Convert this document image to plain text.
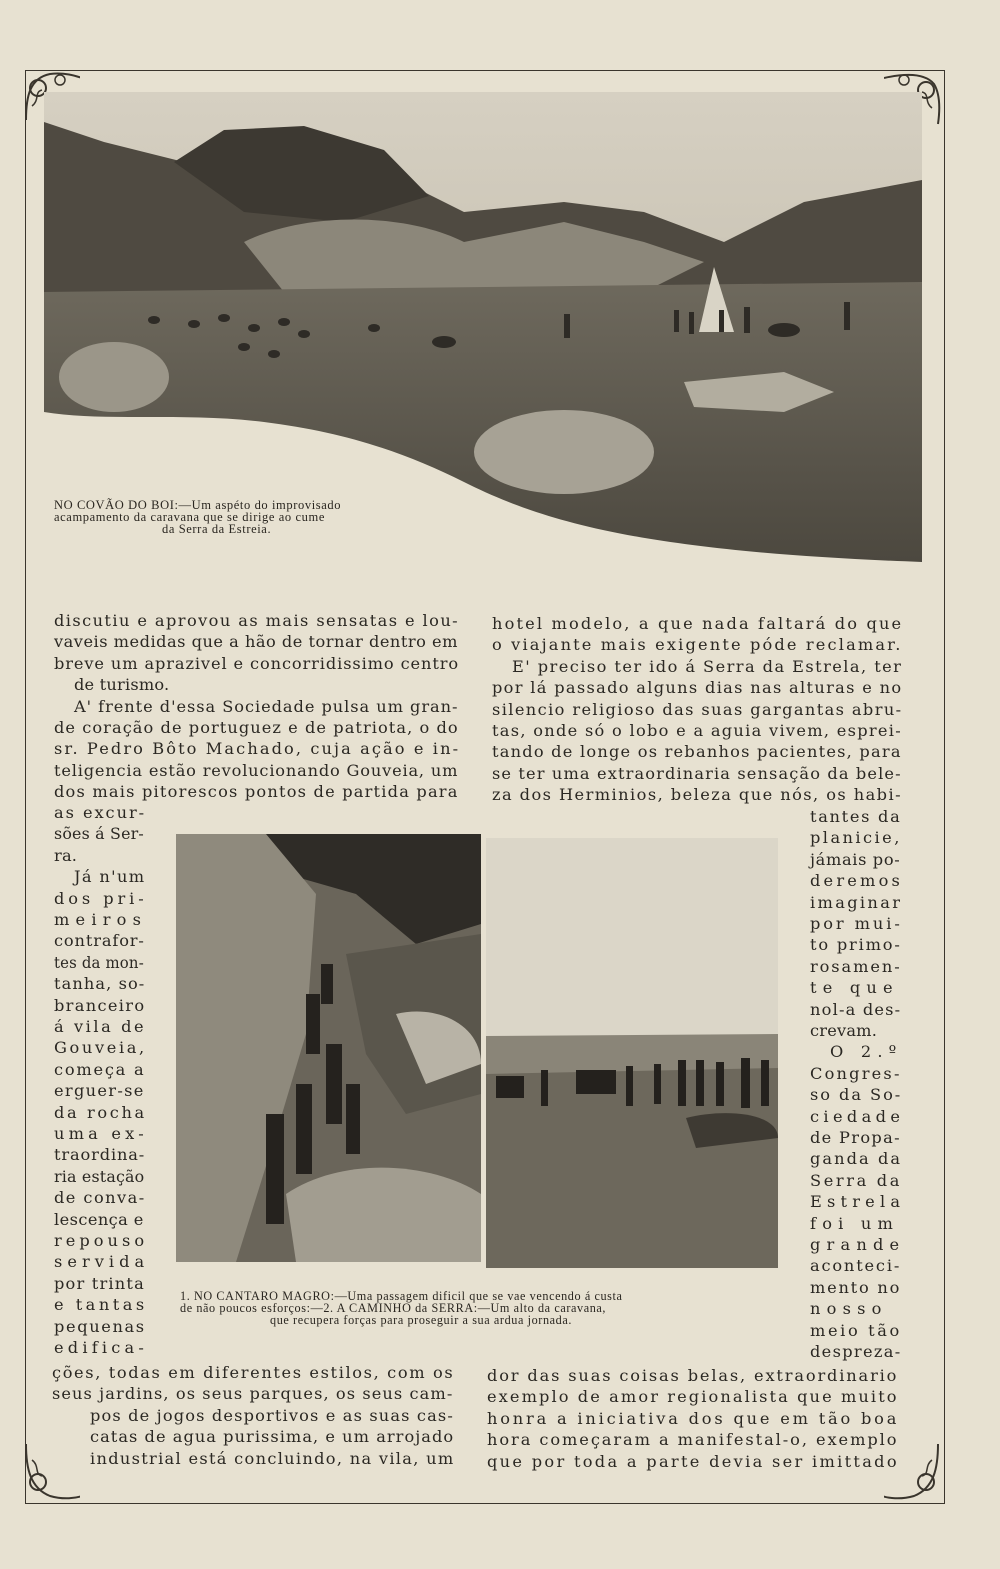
NO COVÃO DO BOI:—Um aspéto do improvisado
acampamento da caravana que se dirige ao cume
da Serra da Estreia.
1. NO CANTARO MAGRO:—Uma passagem dificil que se vae vencendo á custa
de não poucos esforços:—2. A CAMINHO da SERRA:—Um alto da caravana,
que recupera forças para proseguir a sua ardua jornada.
discutiu e aprovou as mais sensatas e lou-
vaveis medidas que a hão de tornar dentro em
breve um aprazivel e concorridissimo centro
de turismo.
A' frente d'essa Sociedade pulsa um gran-
de coração de portuguez e de patriota, o do
sr. Pedro Bôto Machado, cuja ação e in-
teligencia estão revolucionando Gouveia, um
dos mais pitorescos pontos de partida para
as excur-
sões á Ser-
ra.
Já n'um
dos pri-
meiros
contrafor-
tes da mon-
tanha, so-
branceiro
á vila de
Gouveia,
começa a
erguer-se
da rocha
uma ex-
traordina-
ria estação
de conva-
lescença e
repouso
servida
por trinta
e tantas
pequenas
edifica-
ções, todas em diferentes estilos, com os
seus jardins, os seus parques, os seus cam-
pos de jogos desportivos e as suas cas-
catas de agua purissima, e um arrojado
industrial está concluindo, na vila, um
hotel modelo, a que nada faltará do que
o viajante mais exigente póde reclamar.
E' preciso ter ido á Serra da Estrela, ter
por lá passado alguns dias nas alturas e no
silencio religioso das suas gargantas abru-
tas, onde só o lobo e a aguia vivem, esprei-
tando de longe os rebanhos pacientes, para
se ter uma extraordinaria sensação da bele-
za dos Herminios, beleza que nós, os habi-
tantes da
planicie,
jámais po-
deremos
imaginar
por mui-
to primo-
rosamen-
te que
nol-a des-
crevam.
O 2.º
Congres-
so da So-
ciedade
de Propa-
ganda da
Serra da
Estrela
foi um
grande
aconteci-
mento no
nosso
meio tão
despreza-
dor das suas coisas belas, extraordinario
exemplo de amor regionalista que muito
honra a iniciativa dos que em tão boa
hora começaram a manifestal-o, exemplo
que por toda a parte devia ser imittado
